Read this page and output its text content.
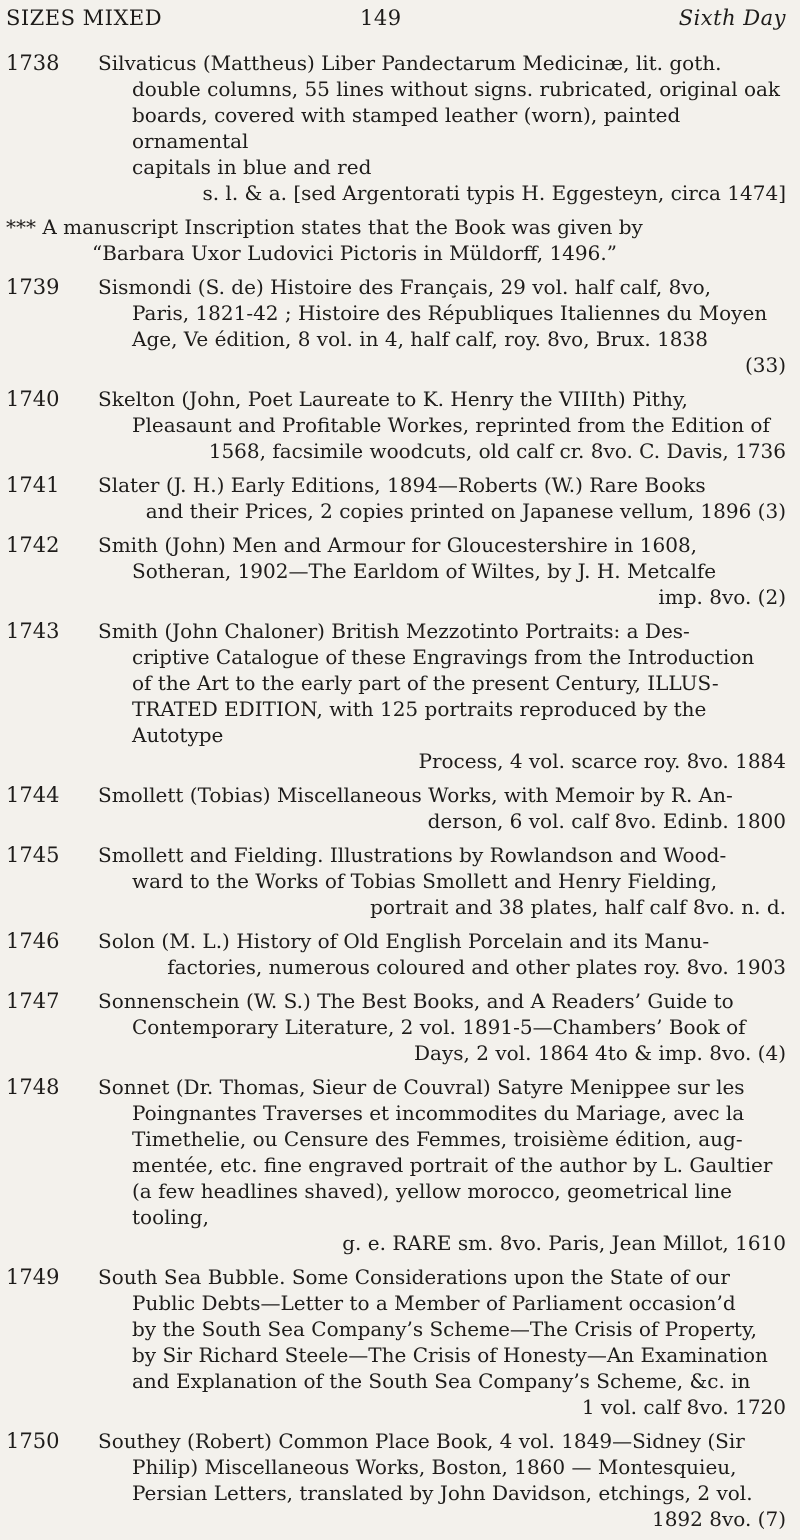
SIZES MIXED	149	Sixth Day
1738 Silvaticus (Mattheus) Liber Pandectarum Medicinæ, lit. goth.
double columns, 55 lines without signs. rubricated, original oak
boards, covered with stamped leather (worn), painted ornamental
capitals in blue and red
s. l. & a. [sed Argentorati typis H. Eggesteyn, circa 1474]
*** A manuscript Inscription states that the Book was given by
“Barbara Uxor Ludovici Pictoris in Müldorff, 1496.”
1739 Sismondi (S. de) Histoire des Français, 29 vol. half calf, 8vo,
Paris, 1821-42 ; Histoire des Républiques Italiennes du Moyen
Age, Ve édition, 8 vol. in 4, half calf, roy. 8vo, Brux. 1838
(33)
1740 Skelton (John, Poet Laureate to K. Henry the VIIIth) Pithy,
Pleasaunt and Profitable Workes, reprinted from the Edition of
1568, facsimile woodcuts, old calf cr. 8vo. C. Davis, 1736
1741 Slater (J. H.) Early Editions, 1894—Roberts (W.) Rare Books
and their Prices, 2 copies printed on Japanese vellum, 1896 (3)
1742 Smith (John) Men and Armour for Gloucestershire in 1608,
Sotheran, 1902—The Earldom of Wiltes, by J. H. Metcalfe
imp. 8vo. (2)
1743 Smith (John Chaloner) British Mezzotinto Portraits: a Des-
criptive Catalogue of these Engravings from the Introduction
of the Art to the early part of the present Century, ILLUS-
TRATED EDITION, with 125 portraits reproduced by the Autotype
Process, 4 vol. scarce roy. 8vo. 1884
1744 Smollett (Tobias) Miscellaneous Works, with Memoir by R. An-
derson, 6 vol. calf 8vo. Edinb. 1800
1745 Smollett and Fielding. Illustrations by Rowlandson and Wood-
ward to the Works of Tobias Smollett and Henry Fielding,
portrait and 38 plates, half calf 8vo. n. d.
1746 Solon (M. L.) History of Old English Porcelain and its Manu-
factories, numerous coloured and other plates roy. 8vo. 1903
1747 Sonnenschein (W. S.) The Best Books, and A Readers’ Guide to
Contemporary Literature, 2 vol. 1891-5—Chambers’ Book of
Days, 2 vol. 1864 4to & imp. 8vo. (4)
1748 Sonnet (Dr. Thomas, Sieur de Couvral) Satyre Menippee sur les
Poingnantes Traverses et incommodites du Mariage, avec la
Timethelie, ou Censure des Femmes, troisième édition, aug-
mentée, etc. fine engraved portrait of the author by L. Gaultier
(a few headlines shaved), yellow morocco, geometrical line tooling,
g. e. RARE sm. 8vo. Paris, Jean Millot, 1610
1749 South Sea Bubble. Some Considerations upon the State of our
Public Debts—Letter to a Member of Parliament occasion’d
by the South Sea Company’s Scheme—The Crisis of Property,
by Sir Richard Steele—The Crisis of Honesty—An Examination
and Explanation of the South Sea Company’s Scheme, &c. in
1 vol. calf 8vo. 1720
1750 Southey (Robert) Common Place Book, 4 vol. 1849—Sidney (Sir
Philip) Miscellaneous Works, Boston, 1860 — Montesquieu,
Persian Letters, translated by John Davidson, etchings, 2 vol.
1892 8vo. (7)
